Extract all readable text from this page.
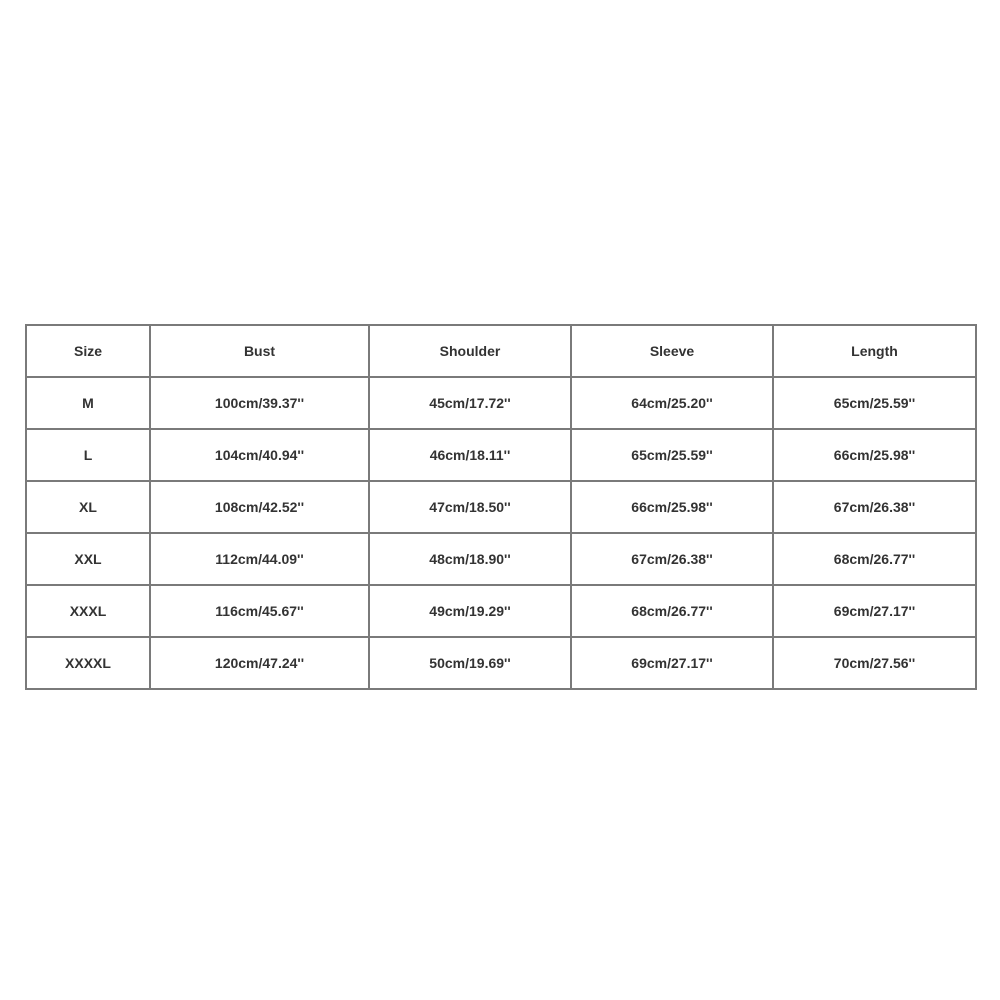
Size	Bust	Shoulder	Sleeve	Length
M	100cm/39.37''	45cm/17.72''	64cm/25.20''	65cm/25.59''
L	104cm/40.94''	46cm/18.11''	65cm/25.59''	66cm/25.98''
XL	108cm/42.52''	47cm/18.50''	66cm/25.98''	67cm/26.38''
XXL	112cm/44.09''	48cm/18.90''	67cm/26.38''	68cm/26.77''
XXXL	116cm/45.67''	49cm/19.29''	68cm/26.77''	69cm/27.17''
XXXXL	120cm/47.24''	50cm/19.69''	69cm/27.17''	70cm/27.56''
